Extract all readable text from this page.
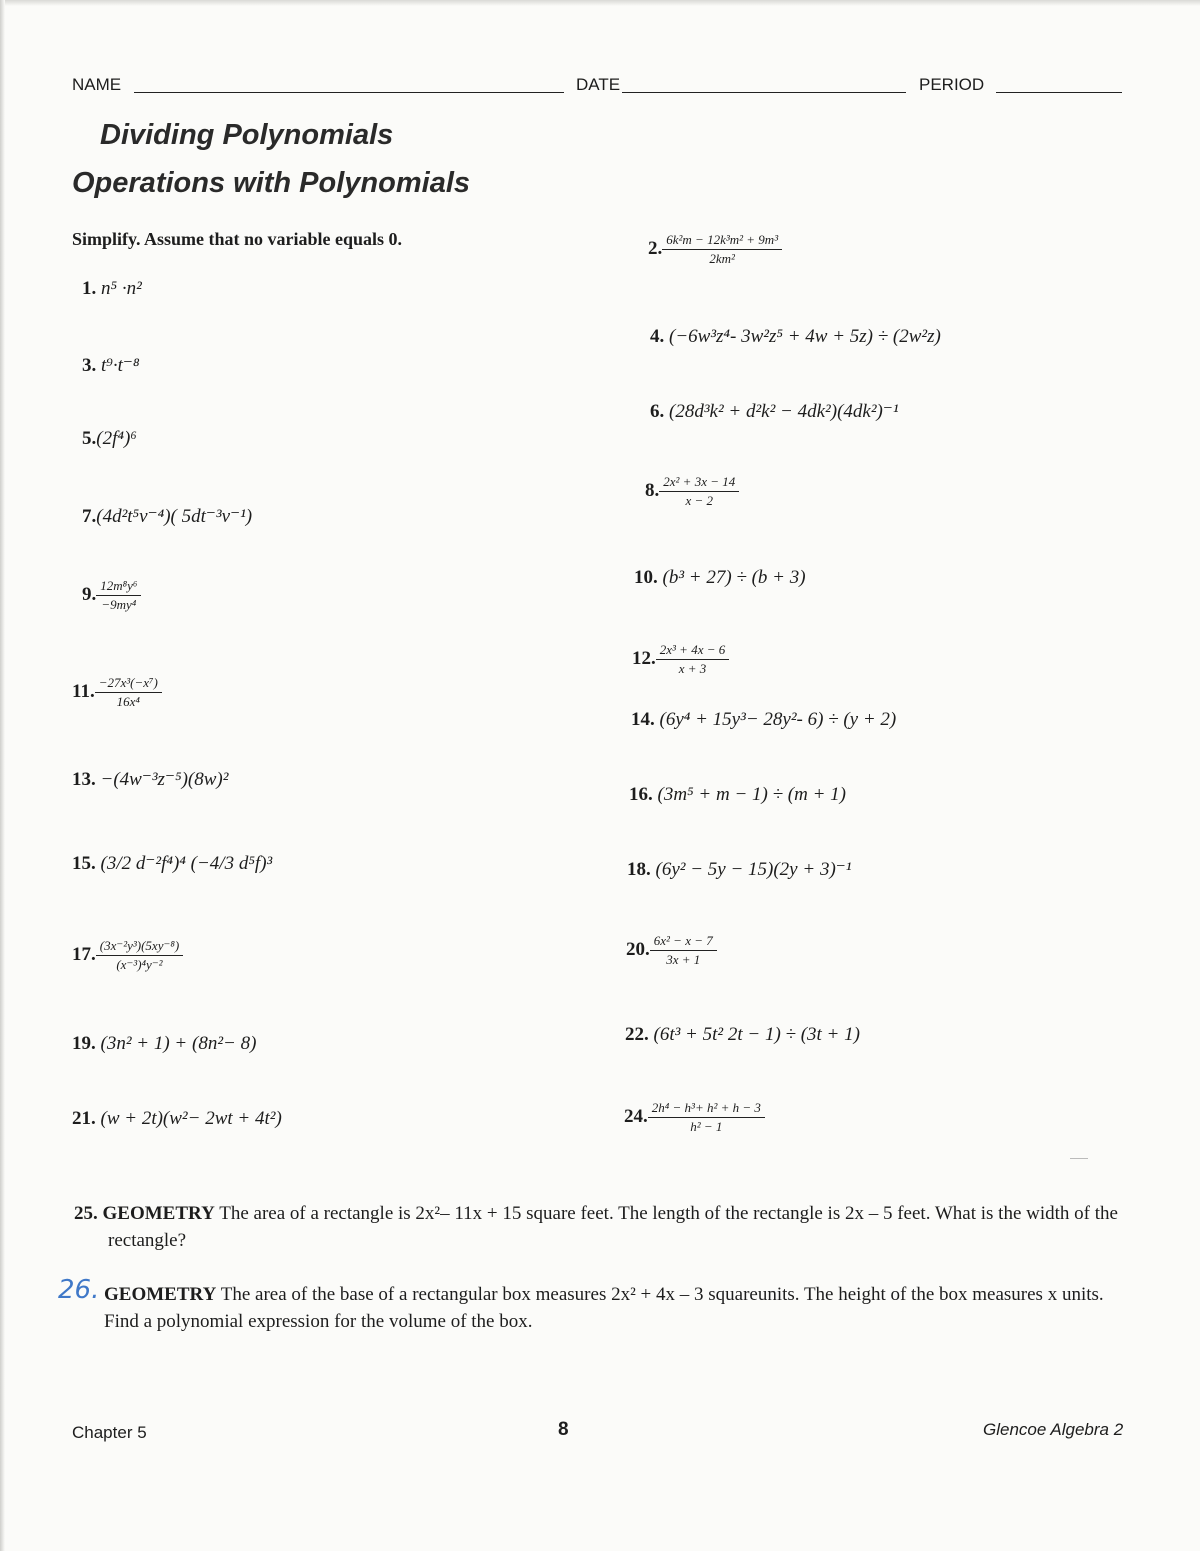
NAME	DATE	PERIOD
Dividing Polynomials
Operations with Polynomials
Simplify. Assume that no variable equals 0.
1. n⁵ ·n²
3. t⁹·t⁻⁸
5.(2f⁴)⁶
7.(4d²t⁵v⁻⁴)( 5dt⁻³v⁻¹)
9. $\frac{\text{12m⁸y⁶}}{\text{−9my⁴}}$
11. $\frac{\text{−27x³(−x⁷)}}{\text{16x⁴}}$
13. −(4w⁻³z⁻⁵)(8w)²
15. (3/2 d⁻²f⁴)⁴ (−4/3 d⁵f)³
17. $\frac{\text{(3x⁻²y³)(5xy⁻⁸)}}{\text{(x⁻³)⁴y⁻²}}$
19. (3n² + 1) + (8n²− 8)
21. (w + 2t)(w²− 2wt + 4t²)
2. $\frac{\text{6k²m − 12k³m² + 9m³}}{\text{2km²}}$
4. (−6w³z⁴- 3w²z⁵ + 4w + 5z) ÷ (2w²z)
6. (28d³k² + d²k² − 4dk²)(4dk²)⁻¹
8. $\frac{\text{2x² + 3x − 14}}{x - 2}$
10. (b³ + 27) ÷ (b + 3)
12. $\frac{\text{2x³ + 4x − 6}}{x + 3}$
14. (6y⁴ + 15y³− 28y²- 6) ÷ (y + 2)
16. (3m⁵ + m − 1) ÷ (m + 1)
18. (6y² − 5y − 15)(2y + 3)⁻¹
20. $\frac{\text{6x² − x − 7}}{3x + 1}$
22. (6t³ + 5t² 2t − 1) ÷ (3t + 1)
24. $\frac{\text{2h⁴ − h³+ h² + h − 3}}{\text{h² − 1}}$
25. GEOMETRY The area of a rectangle is 2x²– 11x + 15 square feet. The length of the rectangle is 2x – 5 feet. What is the width of the rectangle?
26. GEOMETRY The area of the base of a rectangular box measures 2x² + 4x – 3 squareunits. The height of the box measures x units. Find a polynomial expression for the volume of the box.
Chapter 5	8	Glencoe Algebra 2
